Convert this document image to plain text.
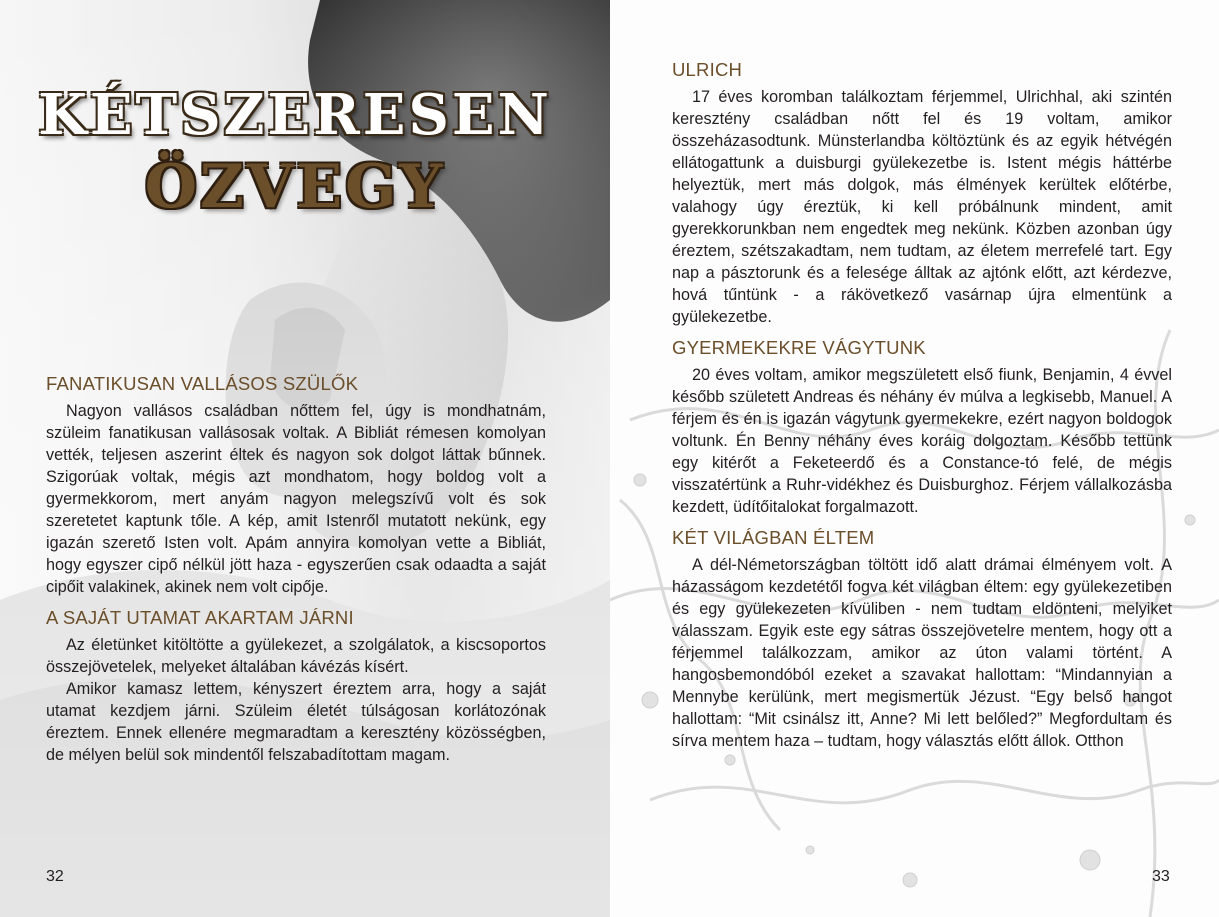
KÉTSZERESEN
ÖZVEGY
FANATIKUSAN VALLÁSOS SZÜLŐK

Nagyon vallásos családban nőttem fel, úgy is mondhatnám, szüleim fanatikusan vallásosak voltak. A Bibliát rémesen komolyan vették, teljesen aszerint éltek és nagyon sok dolgot láttak bűnnek. Szigorúak voltak, mégis azt mondhatom, hogy boldog volt a gyermekkorom, mert anyám nagyon melegszívű volt és sok szeretetet kaptunk tőle. A kép, amit Istenről mutatott nekünk, egy igazán szerető Isten volt. Apám annyira komolyan vette a Bibliát, hogy egyszer cipő nélkül jött haza - egyszerűen csak odaadta a saját cipőit valakinek, akinek nem volt cipője.

A SAJÁT UTAMAT AKARTAM JÁRNI

Az életünket kitöltötte a gyülekezet, a szolgálatok, a kiscsoportos összejövetelek, melyeket általában kávézás kísért.

Amikor kamasz lettem, kényszert éreztem arra, hogy a saját utamat kezdjem járni. Szüleim életét túlságosan korlátozónak éreztem. Ennek ellenére megmaradtam a keresztény közösségben, de mélyen belül sok mindentől felszabadítottam magam.

32
ULRICH

17 éves koromban találkoztam férjemmel, Ulrichhal, aki szintén keresztény családban nőtt fel és 19 voltam, amikor összeházasodtunk. Münsterlandba költöztünk és az egyik hétvégén ellátogattunk a duisburgi gyülekezetbe is. Istent mégis háttérbe helyeztük, mert más dolgok, más élmények kerültek előtérbe, valahogy úgy éreztük, ki kell próbálnunk mindent, amit gyerekkorunkban nem engedtek meg nekünk. Közben azonban úgy éreztem, szétszakadtam, nem tudtam, az életem merrefelé tart. Egy nap a pásztorunk és a felesége álltak az ajtónk előtt, azt kérdezve, hová tűntünk - a rákövetkező vasárnap újra elmentünk a gyülekezetbe.

GYERMEKEKRE VÁGYTUNK

20 éves voltam, amikor megszületett első fiunk, Benjamin, 4 évvel később született Andreas és néhány év múlva a legkisebb, Manuel. A férjem és én is igazán vágytunk gyermekekre, ezért nagyon boldogok voltunk. Én Benny néhány éves koráig dolgoztam. Később tettünk egy kitérőt a Feketeerdő és a Constance-tó felé, de mégis visszatértünk a Ruhr-vidékhez és Duisburghoz. Férjem vállalkozásba kezdett, üdítőitalokat forgalmazott.

KÉT VILÁGBAN ÉLTEM

A dél-Németországban töltött idő alatt drámai élményem volt. A házasságom kezdetétől fogva két világban éltem: egy gyülekezetiben és egy gyülekezeten kívüliben - nem tudtam eldönteni, melyiket válasszam. Egyik este egy sátras összejövetelre mentem, hogy ott a férjemmel találkozzam, amikor az úton valami történt. A hangosbemondóból ezeket a szavakat hallottam: “Mindannyian a Mennybe kerülünk, mert megismertük Jézust. “Egy belső hangot hallottam: “Mit csinálsz itt, Anne? Mi lett belőled?” Megfordultam és sírva mentem haza – tudtam, hogy választás előtt állok. Otthon

33
